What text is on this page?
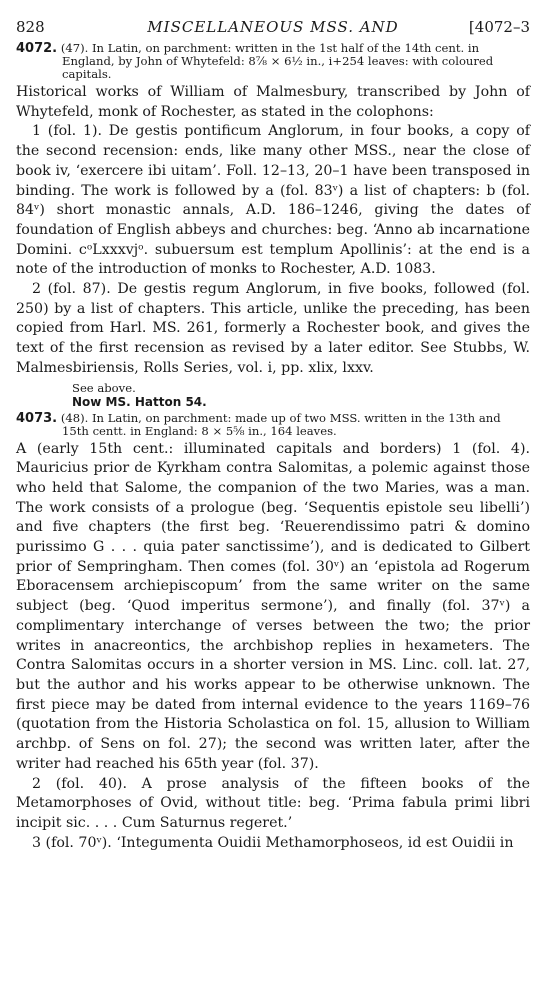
828	MISCELLANEOUS MSS. AND	[4072–3
4072. (47). In Latin, on parchment: written in the 1st half of the 14th cent. in England, by John of Whytefeld: 8⅞ × 6½ in., i+254 leaves: with coloured capitals.

Historical works of William of Malmesbury, transcribed by John of Whytefeld, monk of Rochester, as stated in the colophons:

1 (fol. 1). De gestis pontificum Anglorum, in four books, a copy of the second recension: ends, like many other MSS., near the close of book iv, ‘exercere ibi uitam’. Foll. 12–13, 20–1 have been transposed in binding. The work is followed by a (fol. 83ᵛ) a list of chapters: b (fol. 84ᵛ) short monastic annals, A.D. 186–1246, giving the dates of foundation of English abbeys and churches: beg. ‘Anno ab incarnatione Domini. cᵒLxxxvjᵒ. subuersum est templum Apollinis’: at the end is a note of the introduction of monks to Rochester, A.D. 1083.

2 (fol. 87). De gestis regum Anglorum, in five books, followed (fol. 250) by a list of chapters. This article, unlike the preceding, has been copied from Harl. MS. 261, formerly a Rochester book, and gives the text of the first recension as revised by a later editor. See Stubbs, W. Malmesbiriensis, Rolls Series, vol. i, pp. xlix, lxxv.

See above.
Now MS. Hatton 54.
4073. (48). In Latin, on parchment: made up of two MSS. written in the 13th and 15th centt. in England: 8 × 5⅝ in., 164 leaves.

A (early 15th cent.: illuminated capitals and borders) 1 (fol. 4). Mauricius prior de Kyrkham contra Salomitas, a polemic against those who held that Salome, the companion of the two Maries, was a man. The work consists of a prologue (beg. ‘Sequentis epistole seu libelli’) and five chapters (the first beg. ‘Reuerendissimo patri & domino purissimo G . . . quia pater sanctissime’), and is dedicated to Gilbert prior of Sempringham. Then comes (fol. 30ᵛ) an ‘epistola ad Rogerum Eboracensem archiepiscopum’ from the same writer on the same subject (beg. ‘Quod imperitus sermone’), and finally (fol. 37ᵛ) a complimentary interchange of verses between the two; the prior writes in anacreontics, the archbishop replies in hexameters. The Contra Salomitas occurs in a shorter version in MS. Linc. coll. lat. 27, but the author and his works appear to be otherwise unknown. The first piece may be dated from internal evidence to the years 1169–76 (quotation from the Historia Scholastica on fol. 15, allusion to William archbp. of Sens on fol. 27); the second was written later, after the writer had reached his 65th year (fol. 37).

2 (fol. 40). A prose analysis of the fifteen books of the Metamorphoses of Ovid, without title: beg. ‘Prima fabula primi libri incipit sic. . . . Cum Saturnus regeret.’

3 (fol. 70ᵛ). ‘Integumenta Ouidii Methamorphoseos, id est Ouidii in
